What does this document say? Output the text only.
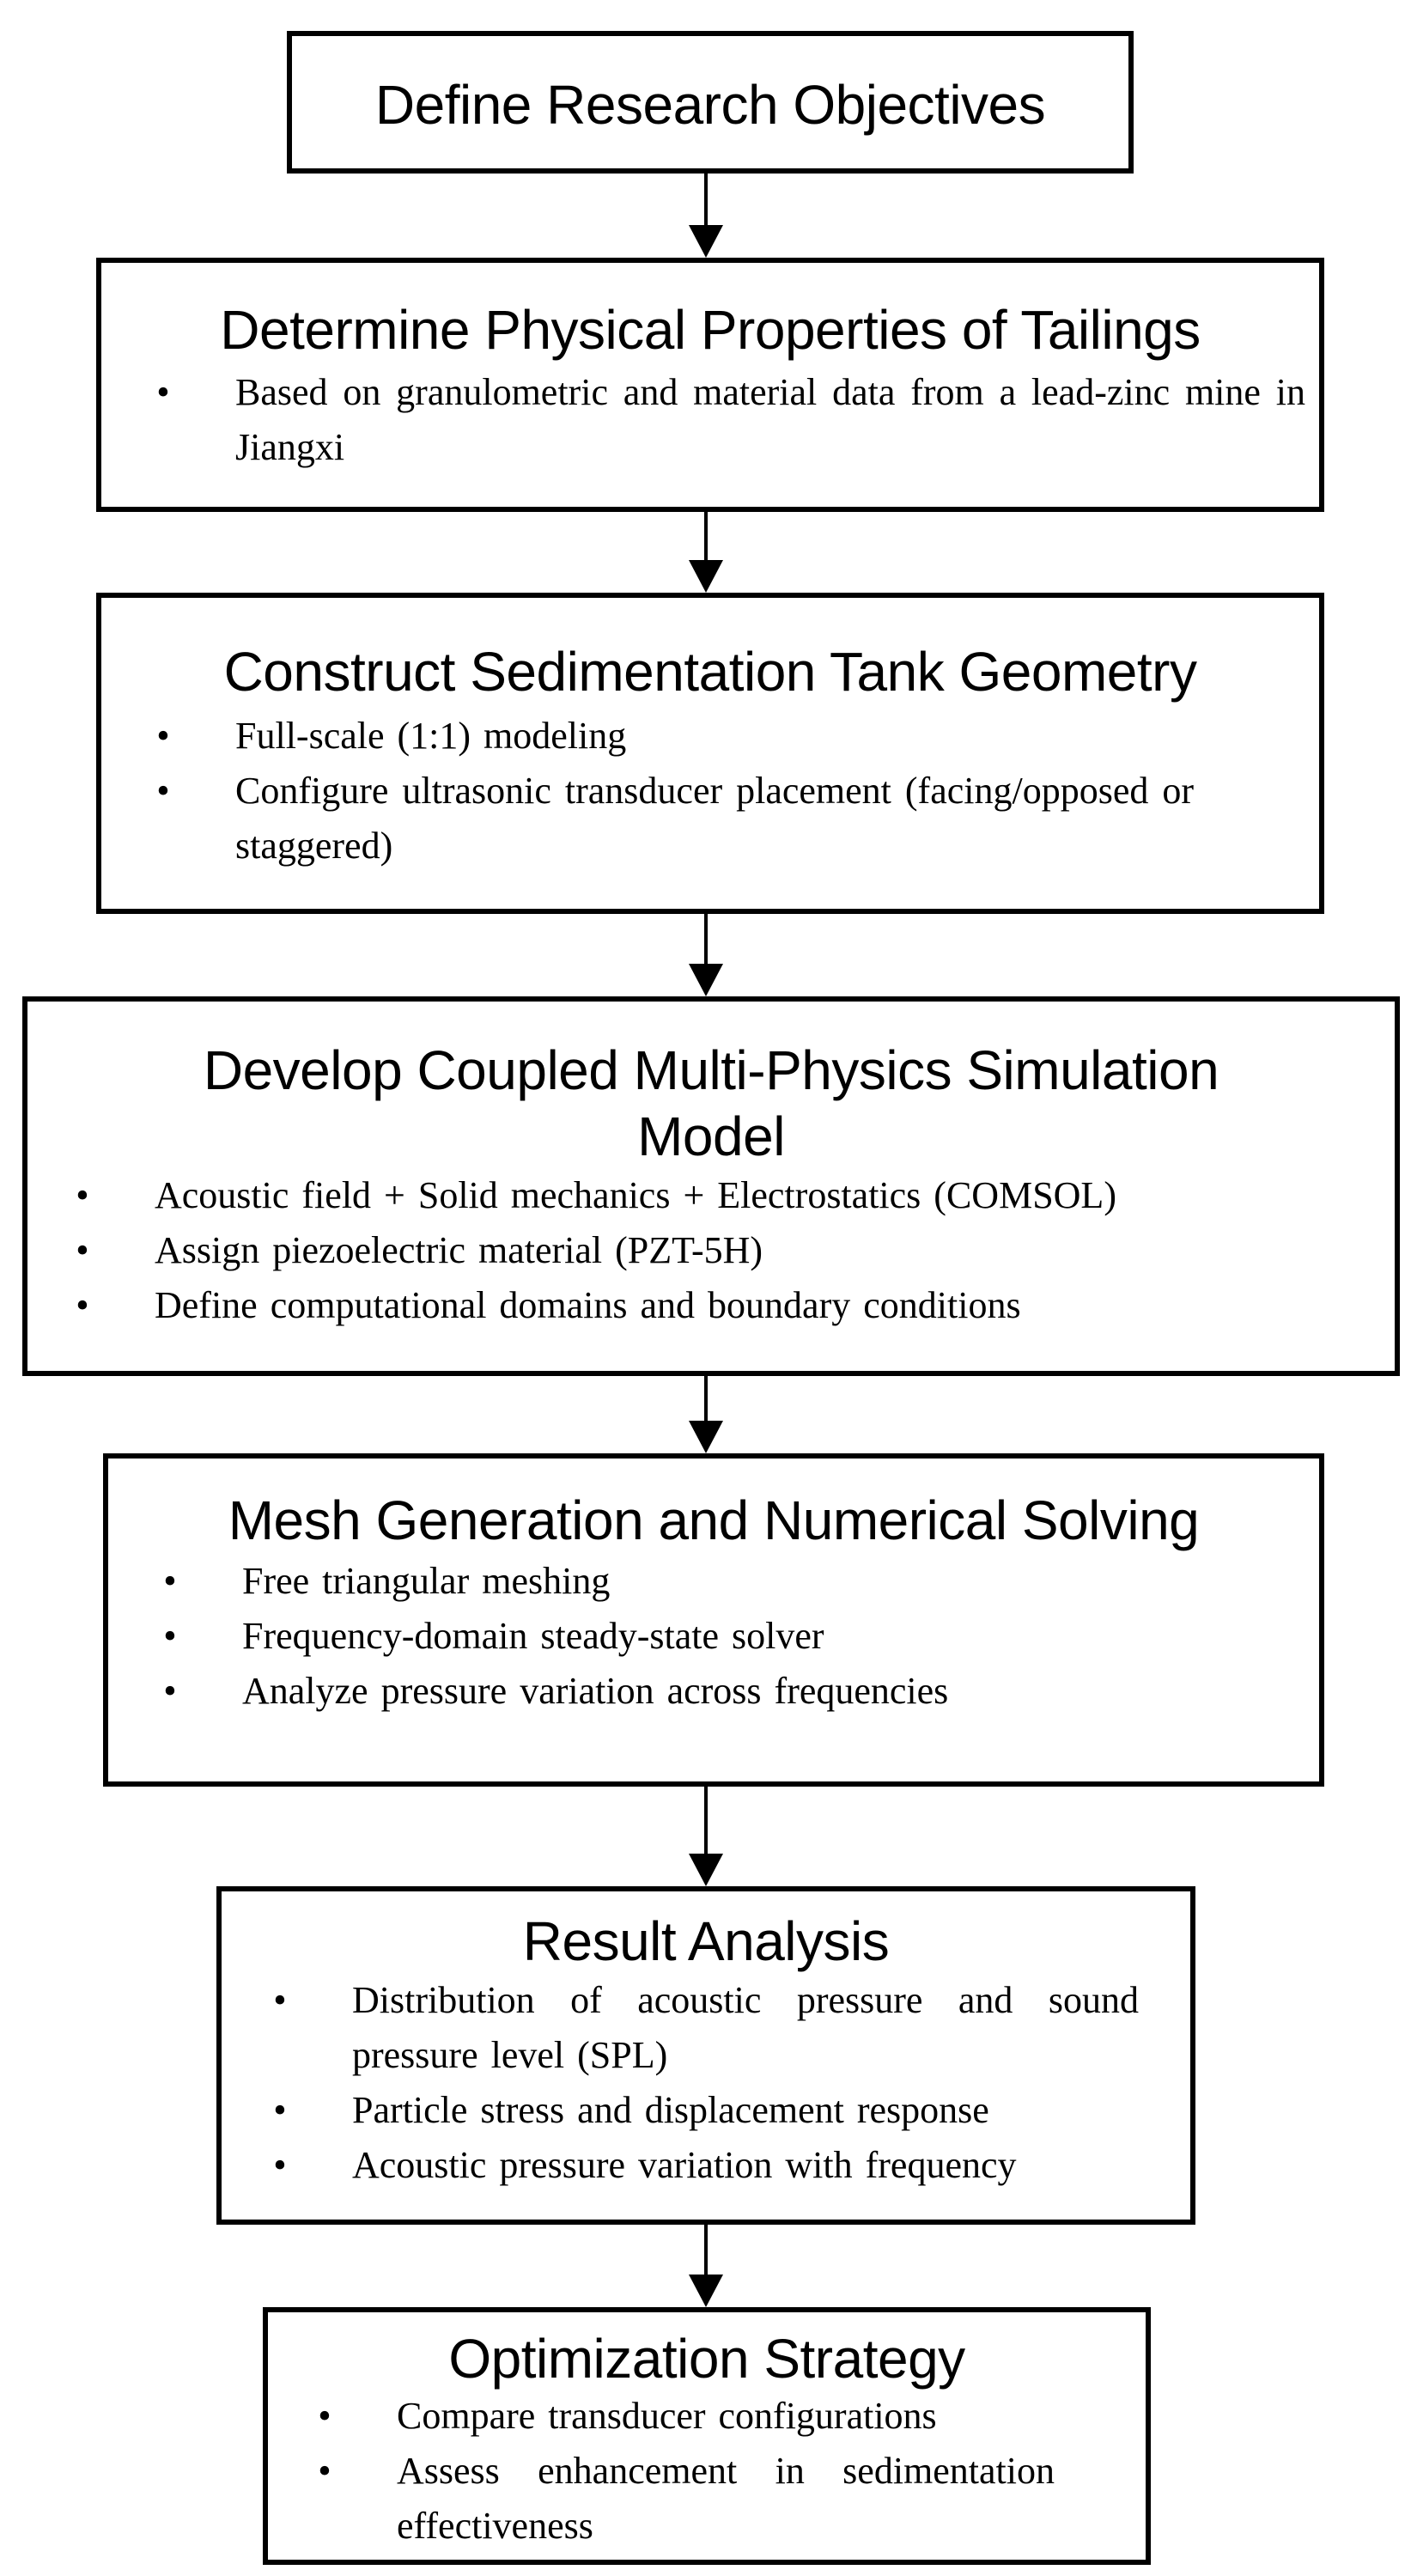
Define Research Objectives
Determine Physical Properties of Tailings
• Based on granulometric and material data from a lead-zinc mine in Jiangxi
Construct Sedimentation Tank Geometry
• Full-scale (1:1) modeling
• Configure ultrasonic transducer placement (facing/opposed or staggered)
Develop Coupled Multi-Physics Simulation Model
• Acoustic field + Solid mechanics + Electrostatics (COMSOL)
• Assign piezoelectric material (PZT-5H)
• Define computational domains and boundary conditions
Mesh Generation and Numerical Solving
• Free triangular meshing
• Frequency-domain steady-state solver
• Analyze pressure variation across frequencies
Result Analysis
• Distribution of acoustic pressure and sound pressure level (SPL)
• Particle stress and displacement response
• Acoustic pressure variation with frequency
Optimization Strategy
• Compare transducer configurations
• Assess enhancement in sedimentation effectiveness
